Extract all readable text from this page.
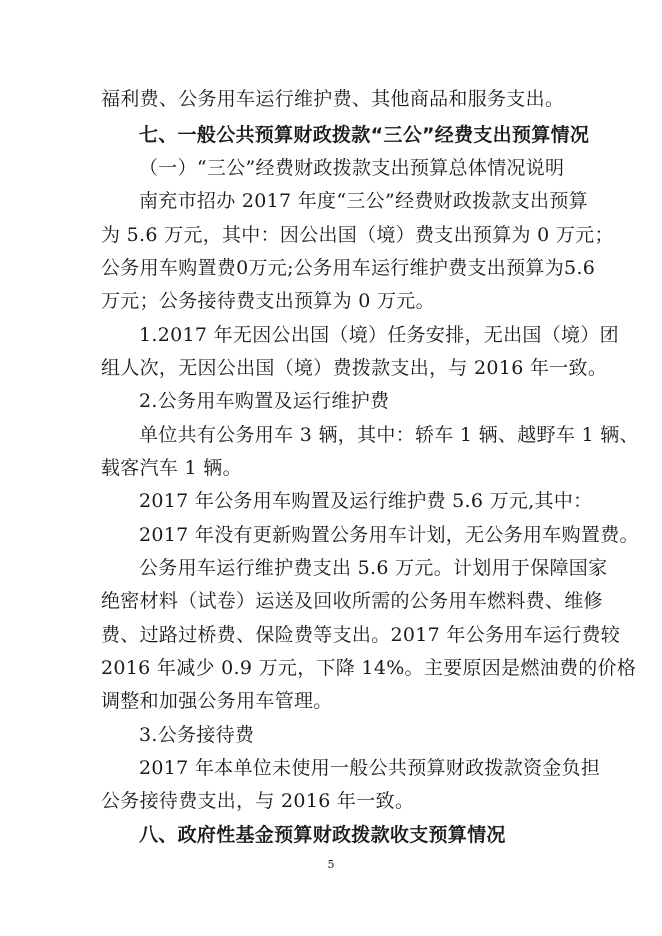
福利费、公务用车运行维护费、其他商品和服务支出。
七、一般公共预算财政拨款“三公”经费支出预算情况
（一）“三公”经费财政拨款支出预算总体情况说明
南充市招办 2017 年度“三公”经费财政拨款支出预算
为 5.6 万元，其中：因公出国（境）费支出预算为 0 万元；
公务用车购置费0万元;公务用车运行维护费支出预算为5.6
万元；公务接待费支出预算为 0 万元。
1.2017 年无因公出国（境）任务安排，无出国（境）团
组人次，无因公出国（境）费拨款支出，与 2016 年一致。
2.公务用车购置及运行维护费
单位共有公务用车 3 辆，其中：轿车 1 辆、越野车 1 辆、
载客汽车 1 辆。
2017 年公务用车购置及运行维护费 5.6 万元,其中：
2017 年没有更新购置公务用车计划，无公务用车购置费。
公务用车运行维护费支出 5.6 万元。计划用于保障国家
绝密材料（试卷）运送及回收所需的公务用车燃料费、维修
费、过路过桥费、保险费等支出。2017 年公务用车运行费较
2016 年减少 0.9 万元，下降 14%。主要原因是燃油费的价格
调整和加强公务用车管理。
3.公务接待费
2017 年本单位未使用一般公共预算财政拨款资金负担
公务接待费支出，与 2016 年一致。
八、政府性基金预算财政拨款收支预算情况
5
